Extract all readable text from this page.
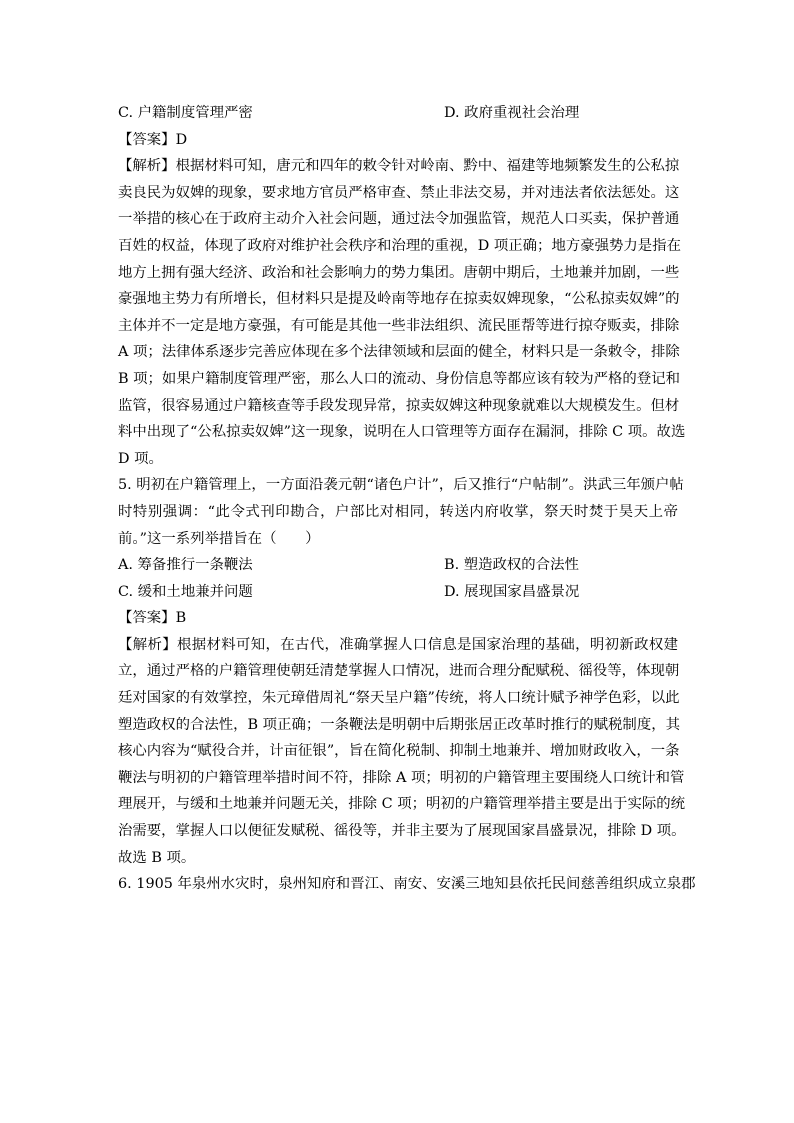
C. 户籍制度管理严密	D. 政府重视社会治理
【答案】D
【解析】根据材料可知，唐元和四年的敕令针对岭南、黔中、福建等地频繁发生的公私掠
卖良民为奴婢的现象，要求地方官员严格审查、禁止非法交易，并对违法者依法惩处。这
一举措的核心在于政府主动介入社会问题，通过法令加强监管，规范人口买卖，保护普通
百姓的权益，体现了政府对维护社会秩序和治理的重视，D 项正确；地方豪强势力是指在
地方上拥有强大经济、政治和社会影响力的势力集团。唐朝中期后，土地兼并加剧，一些
豪强地主势力有所增长，但材料只是提及岭南等地存在掠卖奴婢现象，“公私掠卖奴婢”的
主体并不一定是地方豪强，有可能是其他一些非法组织、流民匪帮等进行掠夺贩卖，排除
A 项；法律体系逐步完善应体现在多个法律领域和层面的健全，材料只是一条敕令，排除
B 项；如果户籍制度管理严密，那么人口的流动、身份信息等都应该有较为严格的登记和
监管，很容易通过户籍核查等手段发现异常，掠卖奴婢这种现象就难以大规模发生。但材
料中出现了“公私掠卖奴婢”这一现象，说明在人口管理等方面存在漏洞，排除 C 项。故选
D 项。
5. 明初在户籍管理上，一方面沿袭元朝“诸色户计”，后又推行“户帖制”。洪武三年颁户帖
时特别强调：“此令式刊印勘合，户部比对相同，转送内府收掌，祭天时焚于昊天上帝
前。”这一系列举措旨在（　　）
A. 筹备推行一条鞭法	B. 塑造政权的合法性
C. 缓和土地兼并问题	D. 展现国家昌盛景况
【答案】B
【解析】根据材料可知，在古代，准确掌握人口信息是国家治理的基础，明初新政权建
立，通过严格的户籍管理使朝廷清楚掌握人口情况，进而合理分配赋税、徭役等，体现朝
廷对国家的有效掌控，朱元璋借周礼“祭天呈户籍”传统，将人口统计赋予神学色彩，以此
塑造政权的合法性，B 项正确；一条鞭法是明朝中后期张居正改革时推行的赋税制度，其
核心内容为“赋役合并，计亩征银”，旨在简化税制、抑制土地兼并、增加财政收入，一条
鞭法与明初的户籍管理举措时间不符，排除 A 项；明初的户籍管理主要围绕人口统计和管
理展开，与缓和土地兼并问题无关，排除 C 项；明初的户籍管理举措主要是出于实际的统
治需要，掌握人口以便征发赋税、徭役等，并非主要为了展现国家昌盛景况，排除 D 项。
故选 B 项。
6. 1905 年泉州水灾时，泉州知府和晋江、南安、安溪三地知县依托民间慈善组织成立泉郡
